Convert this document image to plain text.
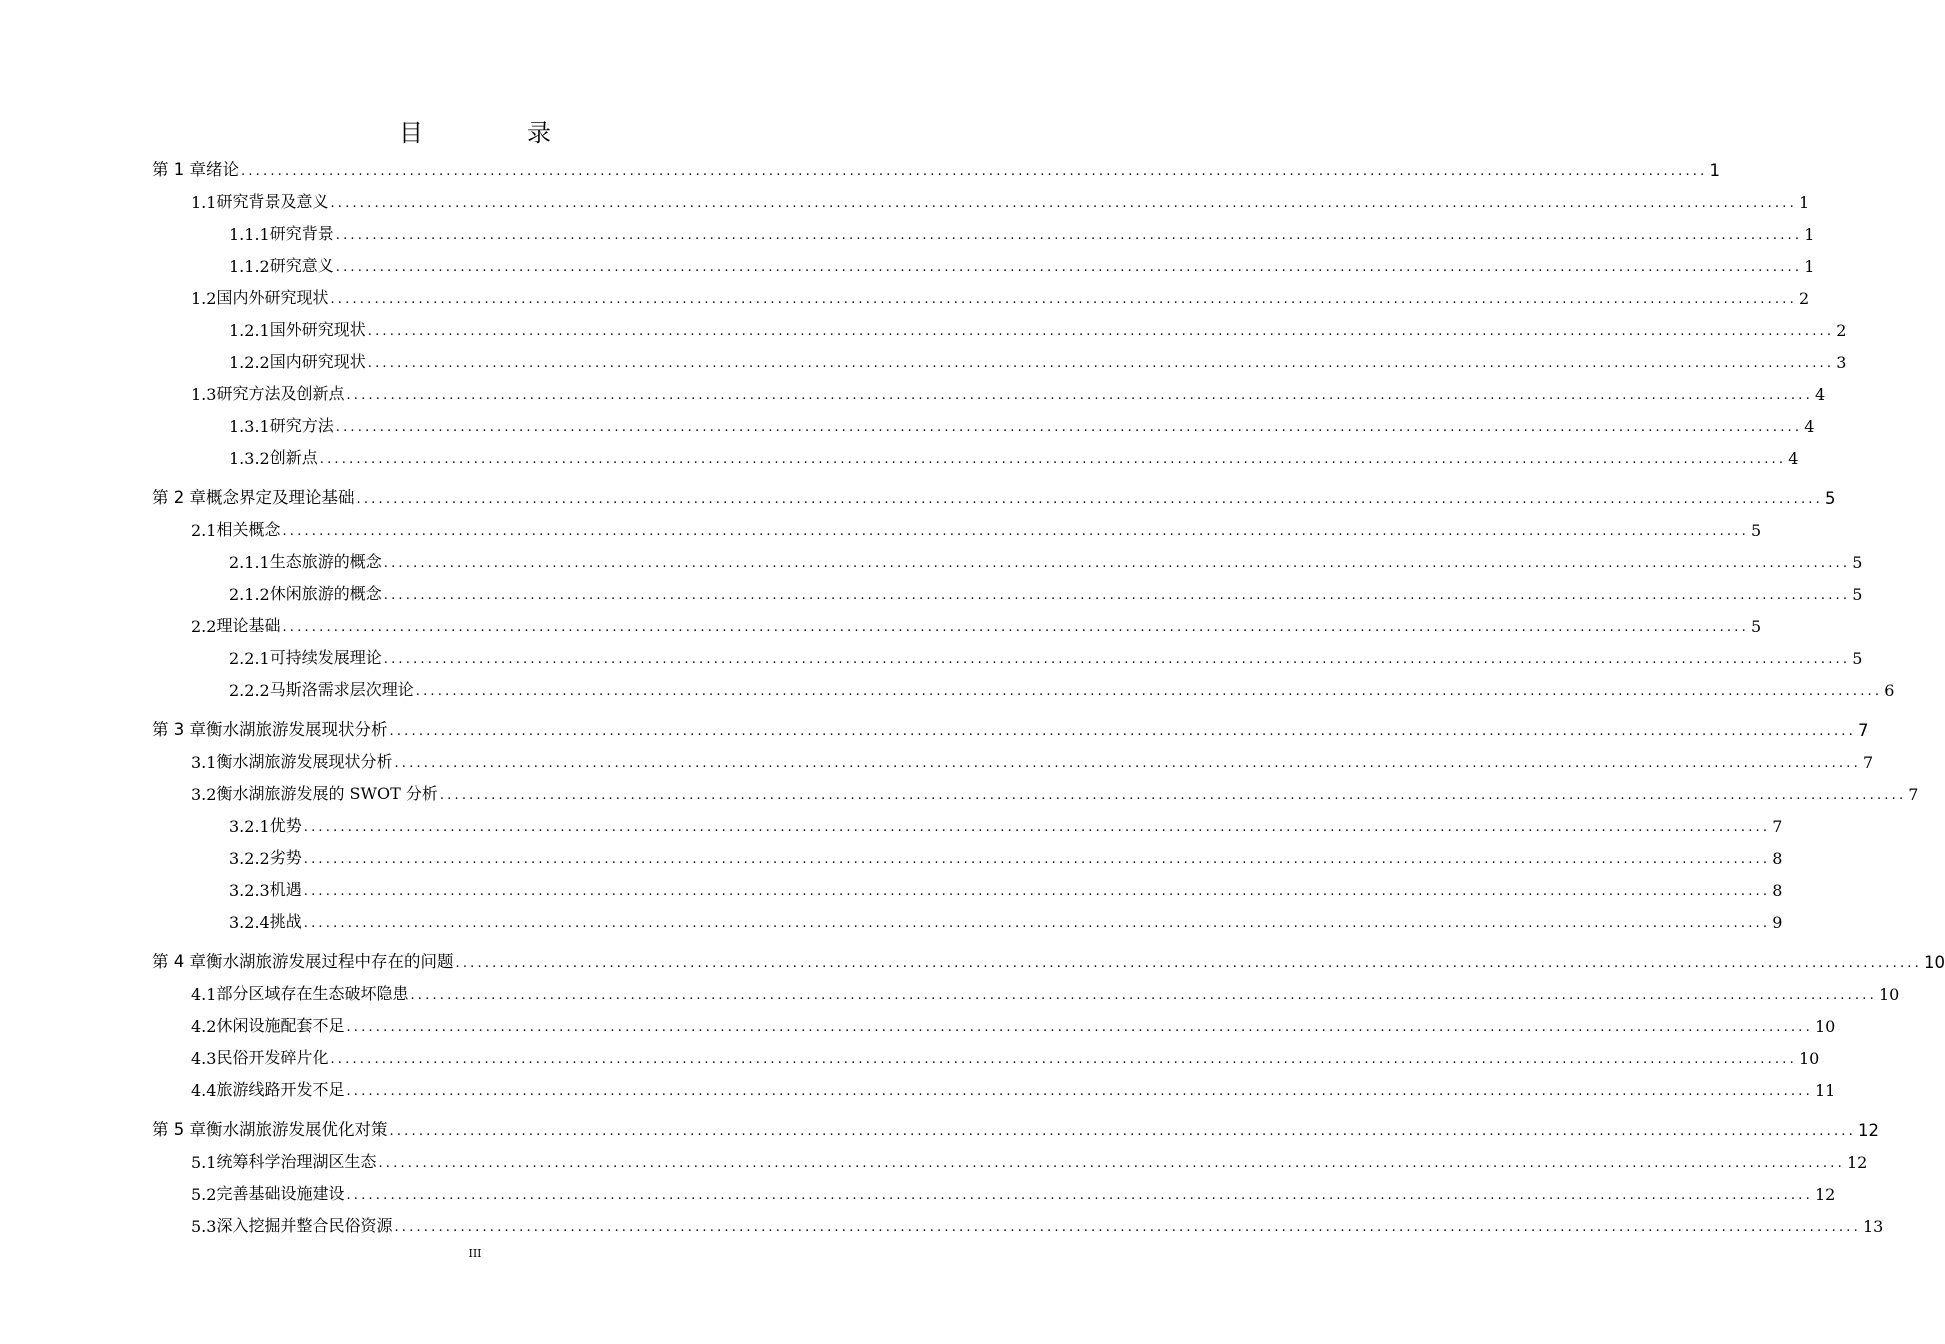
目　录
第 1 章 绪论 ........................................................................................................................................................................................................ 1
1.1 研究背景及意义 ........................................................................................................................................................................................................ 1
1.1.1 研究背景 ........................................................................................................................................................................................................ 1
1.1.2 研究意义 ........................................................................................................................................................................................................ 1
1.2 国内外研究现状 ........................................................................................................................................................................................................ 2
1.2.1 国外研究现状 ........................................................................................................................................................................................................ 2
1.2.2 国内研究现状 ........................................................................................................................................................................................................ 3
1.3 研究方法及创新点 ........................................................................................................................................................................................................ 4
1.3.1 研究方法 ........................................................................................................................................................................................................ 4
1.3.2 创新点 ........................................................................................................................................................................................................ 4
第 2 章 概念界定及理论基础 ........................................................................................................................................................................................................ 5
2.1 相关概念 ........................................................................................................................................................................................................ 5
2.1.1 生态旅游的概念 ........................................................................................................................................................................................................ 5
2.1.2 休闲旅游的概念 ........................................................................................................................................................................................................ 5
2.2 理论基础 ........................................................................................................................................................................................................ 5
2.2.1 可持续发展理论 ........................................................................................................................................................................................................ 5
2.2.2 马斯洛需求层次理论 ........................................................................................................................................................................................................ 6
第 3 章 衡水湖旅游发展现状分析 ........................................................................................................................................................................................................ 7
3.1 衡水湖旅游发展现状分析 ........................................................................................................................................................................................................ 7
3.2 衡水湖旅游发展的 SWOT 分析 ........................................................................................................................................................................................................ 7
3.2.1 优势 ........................................................................................................................................................................................................ 7
3.2.2 劣势 ........................................................................................................................................................................................................ 8
3.2.3 机遇 ........................................................................................................................................................................................................ 8
3.2.4 挑战 ........................................................................................................................................................................................................ 9
第 4 章 衡水湖旅游发展过程中存在的问题 ........................................................................................................................................................................................................ 10
4.1 部分区域存在生态破坏隐患 ........................................................................................................................................................................................................ 10
4.2 休闲设施配套不足 ........................................................................................................................................................................................................ 10
4.3 民俗开发碎片化 ........................................................................................................................................................................................................ 10
4.4 旅游线路开发不足 ........................................................................................................................................................................................................ 11
第 5 章 衡水湖旅游发展优化对策 ........................................................................................................................................................................................................ 12
5.1 统筹科学治理湖区生态 ........................................................................................................................................................................................................ 12
5.2 完善基础设施建设 ........................................................................................................................................................................................................ 12
5.3 深入挖掘并整合民俗资源 ........................................................................................................................................................................................................ 13
III
